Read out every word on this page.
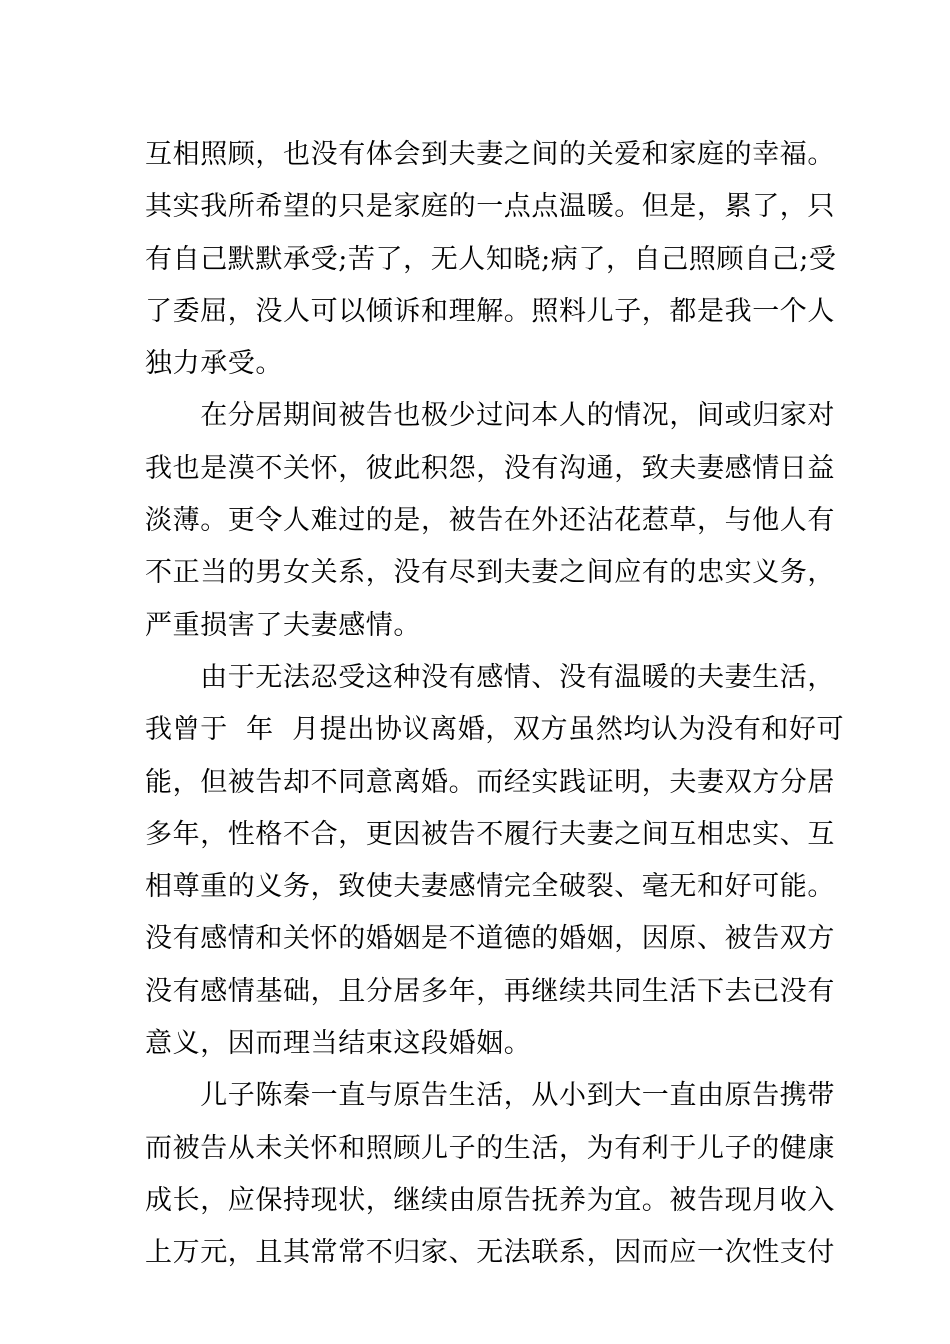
互相照顾，也没有体会到夫妻之间的关爱和家庭的幸福。
其实我所希望的只是家庭的一点点温暖。但是，累了，只
有自己默默承受;苦了，无人知晓;病了，自己照顾自己;受
了委屈，没人可以倾诉和理解。照料儿子，都是我一个人
独力承受。
　　在分居期间被告也极少过问本人的情况，间或归家对
我也是漠不关怀，彼此积怨，没有沟通，致夫妻感情日益
淡薄。更令人难过的是，被告在外还沾花惹草，与他人有
不正当的男女关系，没有尽到夫妻之间应有的忠实义务，
严重损害了夫妻感情。
　　由于无法忍受这种没有感情、没有温暖的夫妻生活，
我曾于  年  月提出协议离婚，双方虽然均认为没有和好可
能，但被告却不同意离婚。而经实践证明，夫妻双方分居
多年，性格不合，更因被告不履行夫妻之间互相忠实、互
相尊重的义务，致使夫妻感情完全破裂、毫无和好可能。
没有感情和关怀的婚姻是不道德的婚姻，因原、被告双方
没有感情基础，且分居多年，再继续共同生活下去已没有
意义，因而理当结束这段婚姻。
　　儿子陈秦一直与原告生活，从小到大一直由原告携带
而被告从未关怀和照顾儿子的生活，为有利于儿子的健康
成长，应保持现状，继续由原告抚养为宜。被告现月收入
上万元，且其常常不归家、无法联系，因而应一次性支付
